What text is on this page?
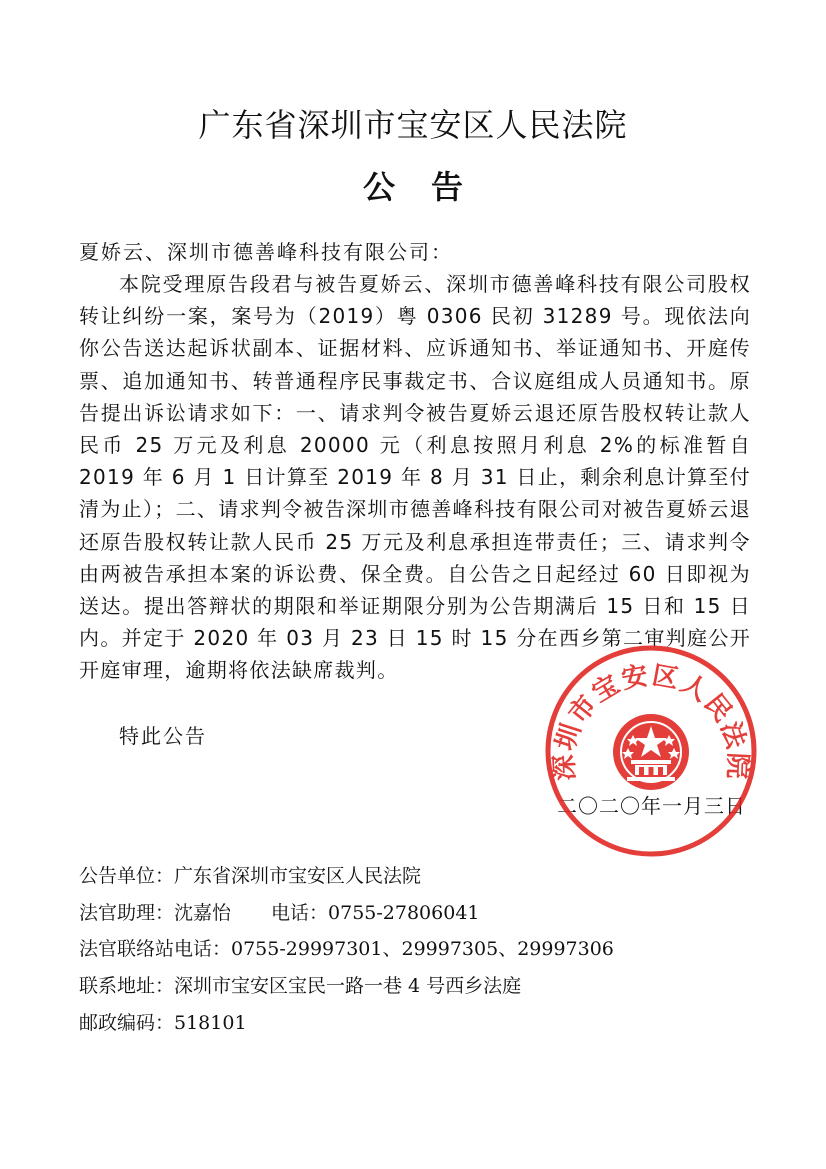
广东省深圳市宝安区人民法院
公告
夏娇云、深圳市德善峰科技有限公司：
本院受理原告段君与被告夏娇云、深圳市德善峰科技有限公司股权转让纠纷一案，案号为（2019）粤 0306 民初 31289 号。现依法向你公告送达起诉状副本、证据材料、应诉通知书、举证通知书、开庭传票、追加通知书、转普通程序民事裁定书、合议庭组成人员通知书。原告提出诉讼请求如下：一、请求判令被告夏娇云退还原告股权转让款人民币 25 万元及利息 20000 元（利息按照月利息 2%的标准暂自 2019 年 6 月 1 日计算至 2019 年 8 月 31 日止，剩余利息计算至付清为止）；二、请求判令被告深圳市德善峰科技有限公司对被告夏娇云退还原告股权转让款人民币 25 万元及利息承担连带责任；三、请求判令由两被告承担本案的诉讼费、保全费。自公告之日起经过 60 日即视为送达。提出答辩状的期限和举证期限分别为公告期满后 15 日和 15 日内。并定于 2020 年 03 月 23 日 15 时 15 分在西乡第二审判庭公开开庭审理，逾期将依法缺席裁判。
特此公告
二〇二〇年一月三日
深圳市宝安区人民法院
公告单位：广东省深圳市宝安区人民法院
法官助理：沈嘉怡 电话：0755-27806041
法官联络站电话：0755-29997301、29997305、29997306
联系地址：深圳市宝安区宝民一路一巷 4 号西乡法庭
邮政编码：518101
